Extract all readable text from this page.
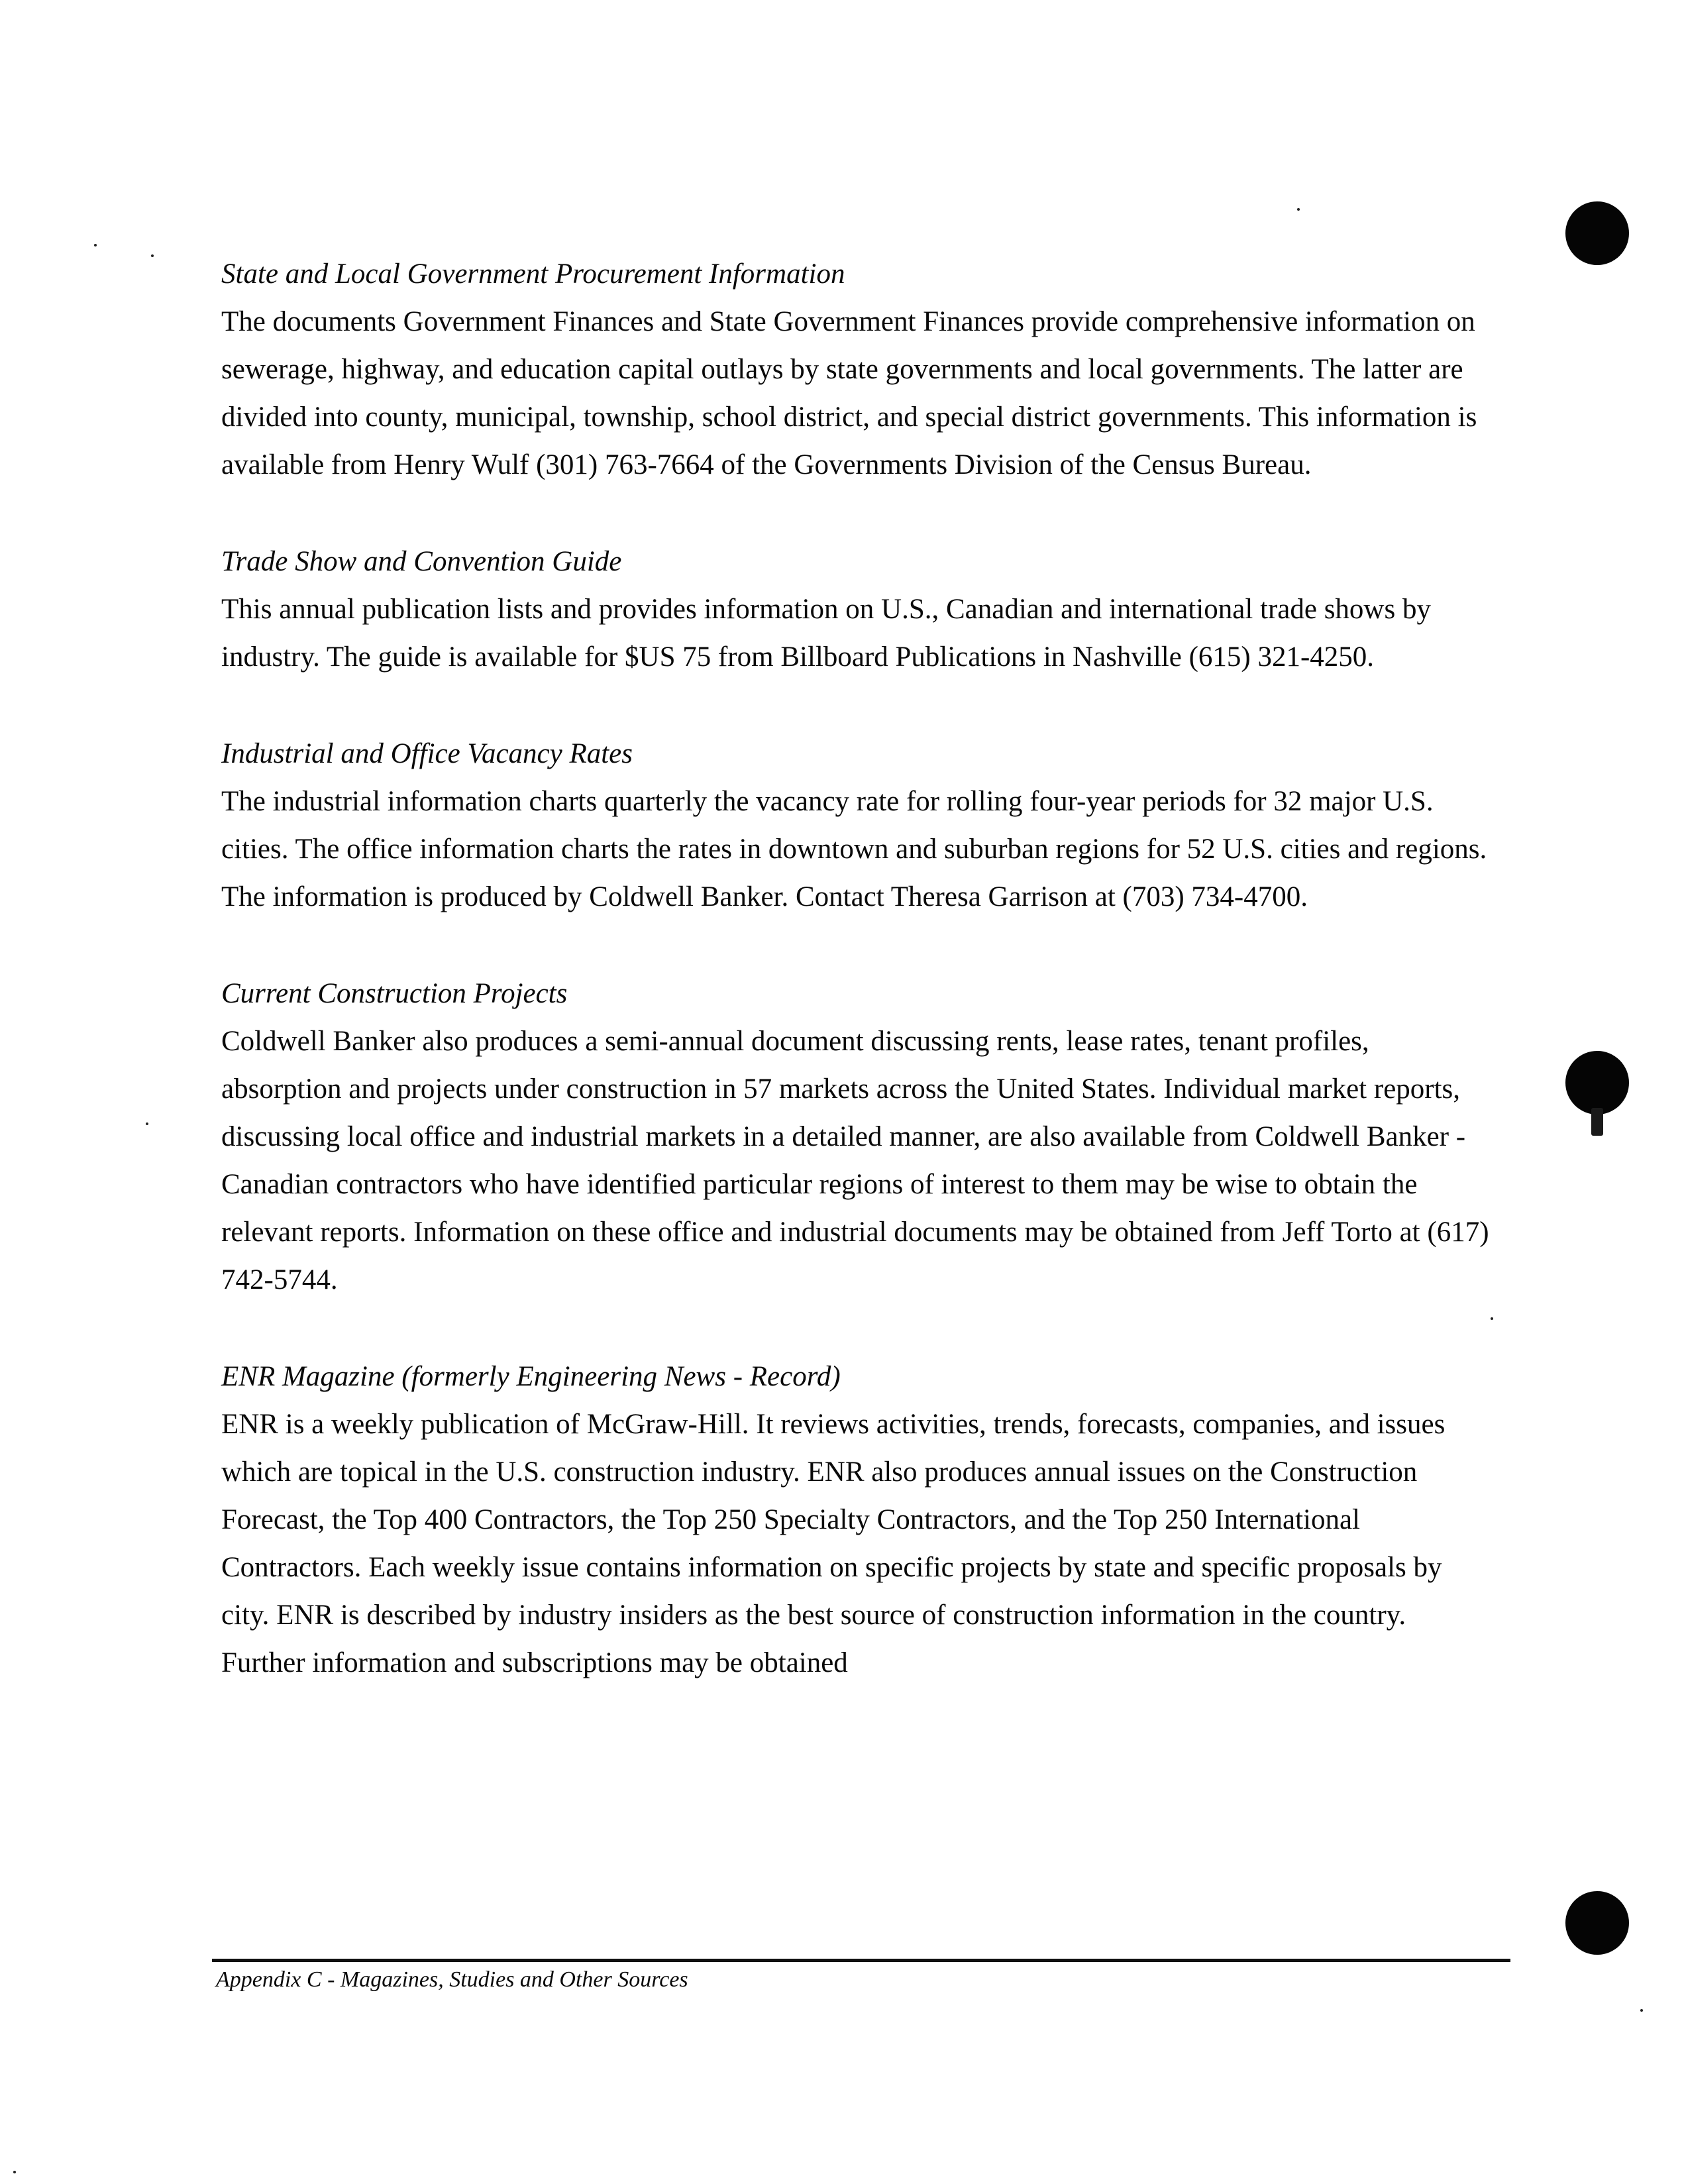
State and Local Government Procurement Information

The documents Government Finances and State Government Finances provide comprehensive information on sewerage, highway, and education capital outlays by state governments and local governments. The latter are divided into county, municipal, township, school district, and special district governments. This information is available from Henry Wulf (301) 763-7664 of the Governments Division of the Census Bureau.

Trade Show and Convention Guide

This annual publication lists and provides information on U.S., Canadian and international trade shows by industry. The guide is available for $US 75 from Billboard Publications in Nashville (615) 321-4250.

Industrial and Office Vacancy Rates

The industrial information charts quarterly the vacancy rate for rolling four-year periods for 32 major U.S. cities. The office information charts the rates in downtown and suburban regions for 52 U.S. cities and regions. The information is produced by Coldwell Banker. Contact Theresa Garrison at (703) 734-4700.

Current Construction Projects

Coldwell Banker also produces a semi-annual document discussing rents, lease rates, tenant profiles, absorption and projects under construction in 57 markets across the United States. Individual market reports, discussing local office and industrial markets in a detailed manner, are also available from Coldwell Banker - Canadian contractors who have identified particular regions of interest to them may be wise to obtain the relevant reports. Information on these office and industrial documents may be obtained from Jeff Torto at (617) 742-5744.

ENR Magazine (formerly Engineering News - Record)

ENR is a weekly publication of McGraw-Hill. It reviews activities, trends, forecasts, companies, and issues which are topical in the U.S. construction industry. ENR also produces annual issues on the Construction Forecast, the Top 400 Contractors, the Top 250 Specialty Contractors, and the Top 250 International Contractors. Each weekly issue contains information on specific projects by state and specific proposals by city. ENR is described by industry insiders as the best source of construction information in the country. Further information and subscriptions may be obtained

Appendix C - Magazines, Studies and Other Sources
